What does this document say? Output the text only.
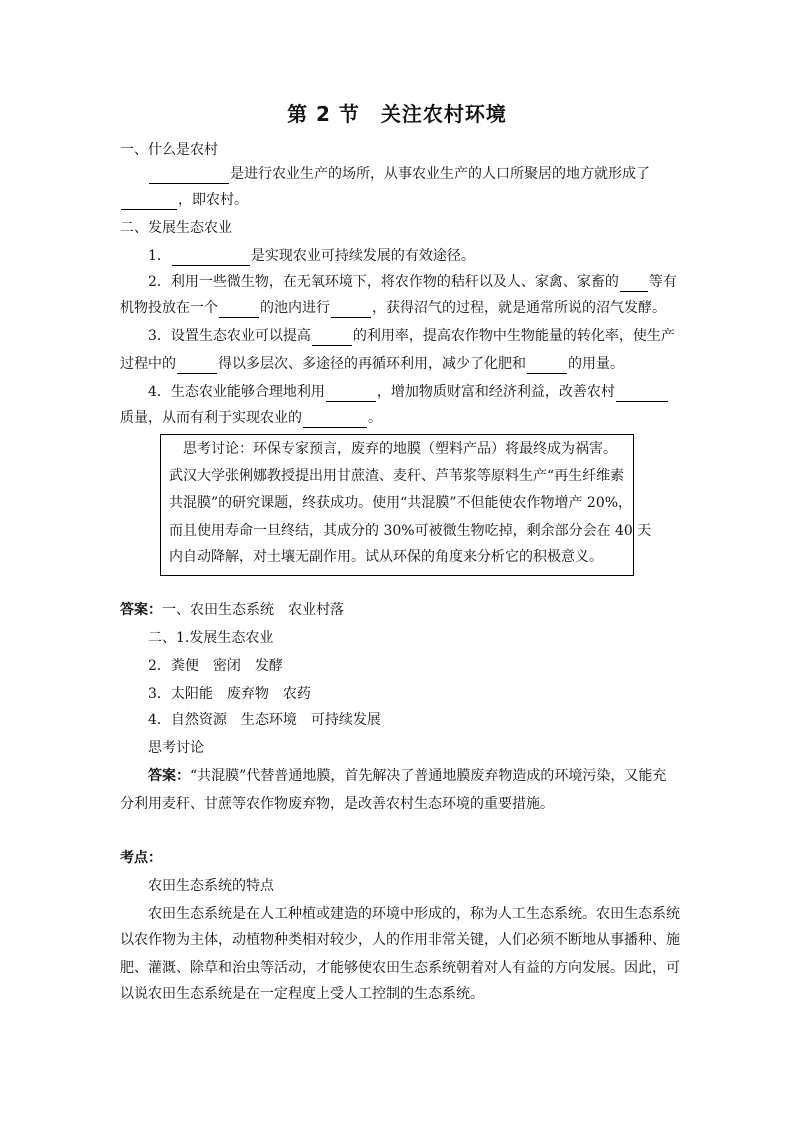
第 2 节　关注农村环境
一、什么是农村
是进行农业生产的场所，从事农业生产的人口所聚居的地方就形成了
，即农村。
二、发展生态农业
1．	是实现农业可持续发展的有效途径。
2．利用一些微生物，在无氧环境下，将农作物的秸秆以及人、家禽、家畜的 等有
机物投放在一个	的池内进行	，获得沼气的过程，就是通常所说的沼气发酵。
3．设置生态农业可以提高	的利用率，提高农作物中生物能量的转化率，使生产
过程中的	得以多层次、多途径的再循环利用，减少了化肥和	的用量。
4．生态农业能够合理地利用	，增加物质财富和经济利益，改善农村
质量，从而有利于实现农业的	。
思考讨论：环保专家预言，废弃的地膜（塑料产品）将最终成为祸害。
武汉大学张俐娜教授提出用甘蔗渣、麦秆、芦苇浆等原料生产“再生纤维素
共混膜”的研究课题，终获成功。使用“共混膜”不但能使农作物增产 20%，
而且使用寿命一旦终结，其成分的 30%可被微生物吃掉，剩余部分会在 40 天
内自动降解，对土壤无副作用。试从环保的角度来分析它的积极意义。
答案：一、农田生态系统　农业村落
二、1.发展生态农业
2．粪便　密闭　发酵
3．太阳能　废弃物　农药
4．自然资源　生态环境　可持续发展
思考讨论
答案：“共混膜”代替普通地膜，首先解决了普通地膜废弃物造成的环境污染，又能充
分利用麦秆、甘蔗等农作物废弃物，是改善农村生态环境的重要措施。
考点：
农田生态系统的特点
农田生态系统是在人工种植或建造的环境中形成的，称为人工生态系统。农田生态系统
以农作物为主体，动植物种类相对较少，人的作用非常关键，人们必须不断地从事播种、施
肥、灌溉、除草和治虫等活动，才能够使农田生态系统朝着对人有益的方向发展。因此，可
以说农田生态系统是在一定程度上受人工控制的生态系统。
